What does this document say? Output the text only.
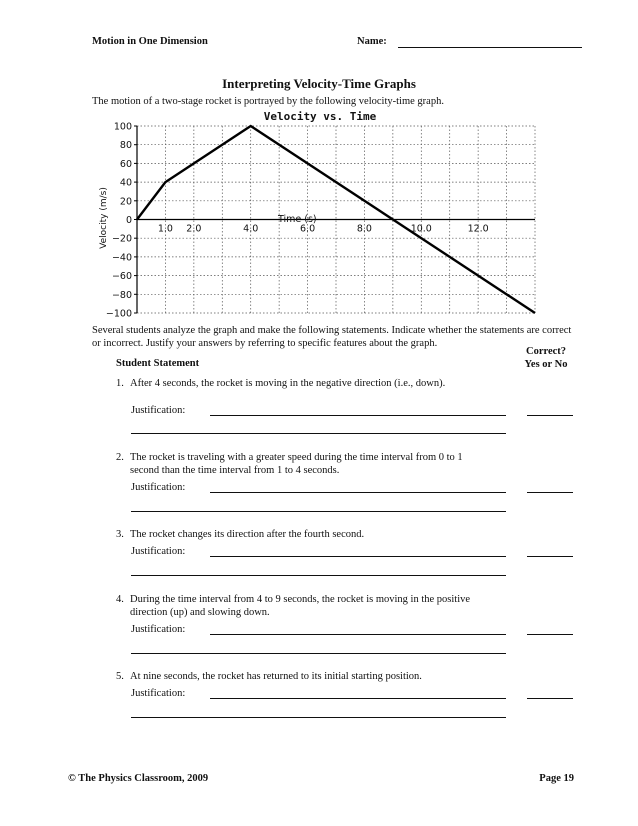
Motion in One Dimension	Name:
Interpreting Velocity-Time Graphs
The motion of a two-stage rocket is portrayed by the following velocity-time graph.
100
80
60
40
20
0
−20
−40
−60
−80
−100
1.0 2.0	4.0	6.0	8.0	10.0	12.0
Velocity vs. Time
Time (s)
Velocity (m/s)
Several students analyze the graph and make the following statements. Indicate whether the statements are correct or incorrect. Justify your answers by referring to specific features about the graph.
Student Statement
Correct?
Yes or No
1. After 4 seconds, the rocket is moving in the negative direction (i.e., down).
Justification:
2. The rocket is traveling with a greater speed during the time interval from 0 to 1 second than the time interval from 1 to 4 seconds.
Justification:
3. The rocket changes its direction after the fourth second.
Justification:
4. During the time interval from 4 to 9 seconds, the rocket is moving in the positive direction (up) and slowing down.
Justification:
5. At nine seconds, the rocket has returned to its initial starting position.
Justification:
© The Physics Classroom, 2009	Page 19
